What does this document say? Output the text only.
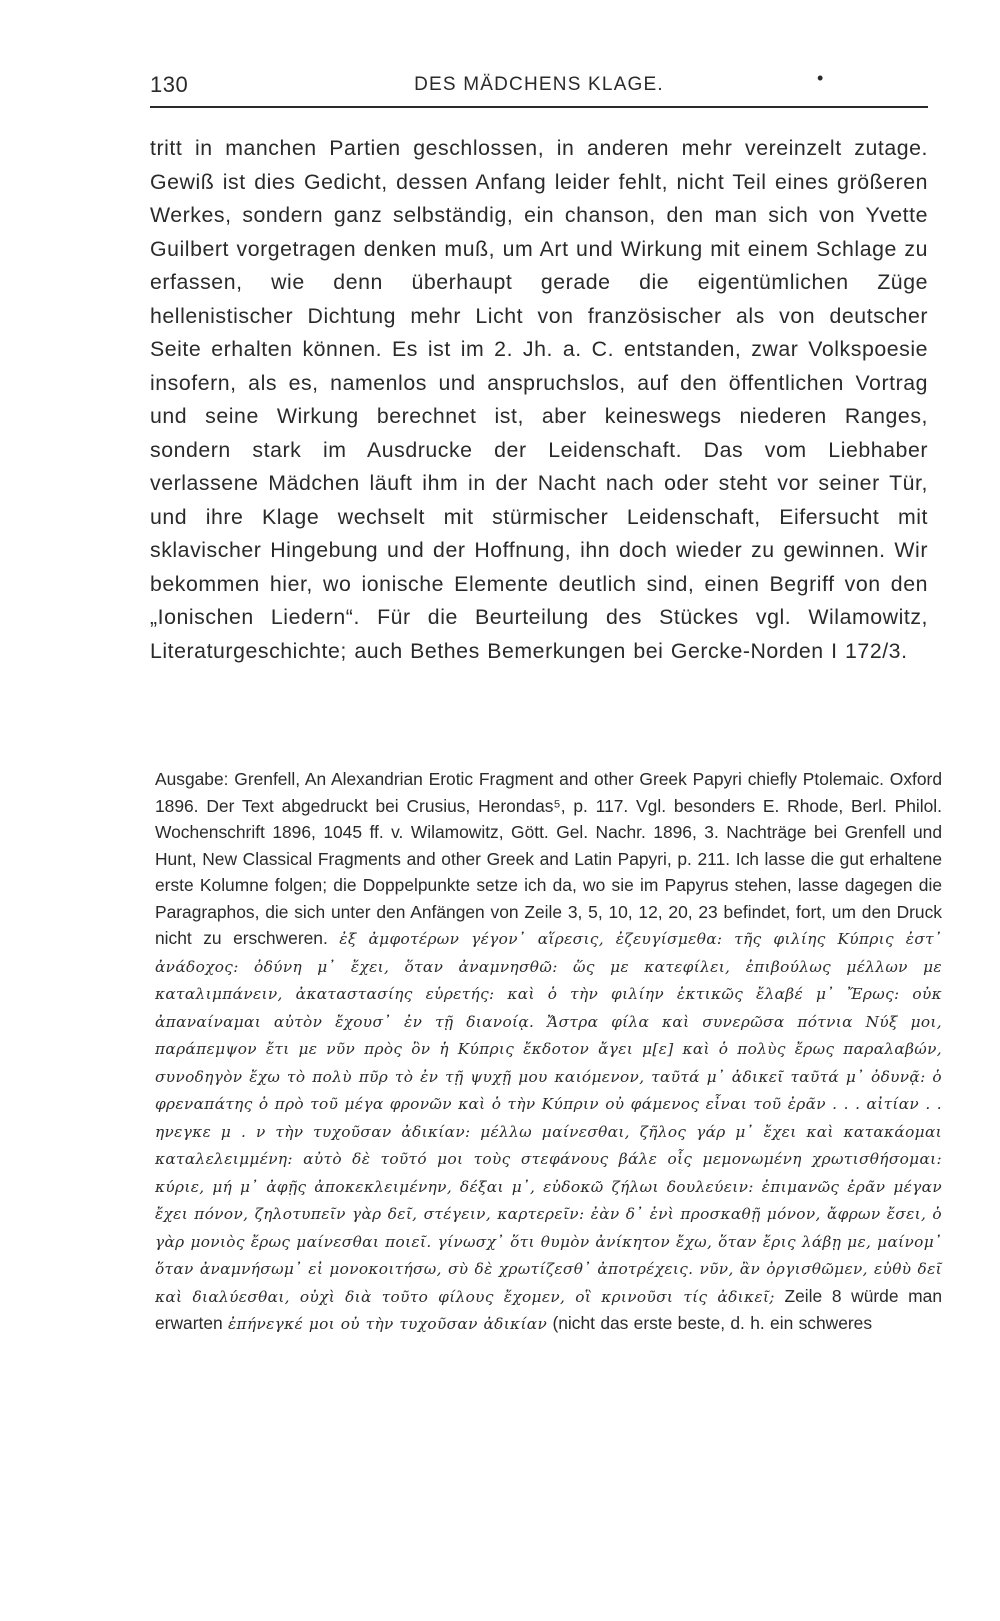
130	DES MÄDCHENS KLAGE.	•

tritt in manchen Partien geschlossen, in anderen mehr vereinzelt zutage. Gewiß ist dies Gedicht, dessen Anfang leider fehlt, nicht Teil eines größeren Werkes, sondern ganz selbständig, ein chanson, den man sich von Yvette Guilbert vorgetragen denken muß, um Art und Wirkung mit einem Schlage zu erfassen, wie denn überhaupt gerade die eigentümlichen Züge hellenistischer Dichtung mehr Licht von französischer als von deutscher Seite erhalten können. Es ist im 2. Jh. a. C. entstanden, zwar Volkspoesie insofern, als es, namenlos und anspruchslos, auf den öffentlichen Vortrag und seine Wirkung berechnet ist, aber keineswegs niederen Ranges, sondern stark im Ausdrucke der Leidenschaft. Das vom Liebhaber verlassene Mädchen läuft ihm in der Nacht nach oder steht vor seiner Tür, und ihre Klage wechselt mit stürmischer Leidenschaft, Eifersucht mit sklavischer Hingebung und der Hoffnung, ihn doch wieder zu gewinnen. Wir bekommen hier, wo ionische Elemente deutlich sind, einen Begriff von den „Ionischen Liedern“. Für die Beurteilung des Stückes vgl. Wilamowitz, Literaturgeschichte; auch Bethes Bemerkungen bei Gercke-Norden I 172/3.

Ausgabe: Grenfell, An Alexandrian Erotic Fragment and other Greek Papyri chiefly Ptolemaic. Oxford 1896. Der Text abgedruckt bei Crusius, Herondas⁵, p. 117. Vgl. besonders E. Rhode, Berl. Philol. Wochenschrift 1896, 1045 ff. v. Wilamowitz, Gött. Gel. Nachr. 1896, 3. Nachträge bei Grenfell und Hunt, New Classical Fragments and other Greek and Latin Papyri, p. 211. Ich lasse die gut erhaltene erste Kolumne folgen; die Doppelpunkte setze ich da, wo sie im Papyrus stehen, lasse dagegen die Paragraphos, die sich unter den Anfängen von Zeile 3, 5, 10, 12, 20, 23 befindet, fort, um den Druck nicht zu erschweren. ἐξ ἀμφοτέρων γέγον᾽ αἵρεσις, ἐζευγίσμεθα: τῆς φιλίης Κύπρις ἐστ᾽ ἀνάδοχος: ὀδύνη μ᾽ ἔχει, ὅταν ἀναμνησθῶ: ὥς με κατεφίλει, ἐπιβούλως μέλλων με καταλιμπάνειν, ἀκαταστασίης εὑρετής: καὶ ὁ τὴν φιλίην ἐκτικῶς ἔλαβέ μ᾽ Ἔρως: οὐκ ἀπαναίναμαι αὐτὸν ἔχουσ᾽ ἐν τῇ διανοίᾳ. Ἄστρα φίλα καὶ συνερῶσα πότνια Νύξ μοι, παράπεμψον ἔτι με νῦν πρὸς ὃν ἡ Κύπρις ἔκδοτον ἄγει μ[ε] καὶ ὁ πολὺς ἔρως παραλαβών, συνοδηγὸν ἔχω τὸ πολὺ πῦρ τὸ ἐν τῇ ψυχῇ μου καιόμενον, ταῦτά μ᾽ ἀδικεῖ ταῦτά μ᾽ ὀδυνᾷ: ὁ φρεναπάτης ὁ πρὸ τοῦ μέγα φρονῶν καὶ ὁ τὴν Κύπριν οὐ φάμενος εἶναι τοῦ ἐρᾶν . . . αἰτίαν . . ηνεγκε μ . ν τὴν τυχοῦσαν ἀδικίαν: μέλλω μαίνεσθαι, ζῆλος γάρ μ᾽ ἔχει καὶ κατακάομαι καταλελειμμένη: αὐτὸ δὲ τοῦτό μοι τοὺς στεφάνους βάλε οἷς μεμονωμένη χρωτισθήσομαι: κύριε, μή μ᾽ ἀφῇς ἀποκεκλειμένην, δέξαι μ᾽, εὐδοκῶ ζήλωι δουλεύειν: ἐπιμανῶς ἐρᾶν μέγαν ἔχει πόνον, ζηλοτυπεῖν γὰρ δεῖ, στέγειν, καρτερεῖν: ἐὰν δ᾽ ἑνὶ προσκαθῇ μόνον, ἄφρων ἔσει, ὁ γὰρ μονιὸς ἔρως μαίνεσθαι ποιεῖ. γίνωσχ᾽ ὅτι θυμὸν ἀνίκητον ἔχω, ὅταν ἔρις λάβῃ με, μαίνομ᾽ ὅταν ἀναμνήσωμ᾽ εἰ μονοκοιτήσω, σὺ δὲ χρωτίζεσθ᾽ ἀποτρέχεις. νῦν, ἂν ὀργισθῶμεν, εὐθὺ δεῖ καὶ διαλύεσθαι, οὐχὶ διὰ τοῦτο φίλους ἔχομεν, οἳ κρινοῦσι τίς ἀδικεῖ; Zeile 8 würde man erwarten ἐπήνεγκέ μοι οὐ τὴν τυχοῦσαν ἀδικίαν (nicht das erste beste, d. h. ein schweres
